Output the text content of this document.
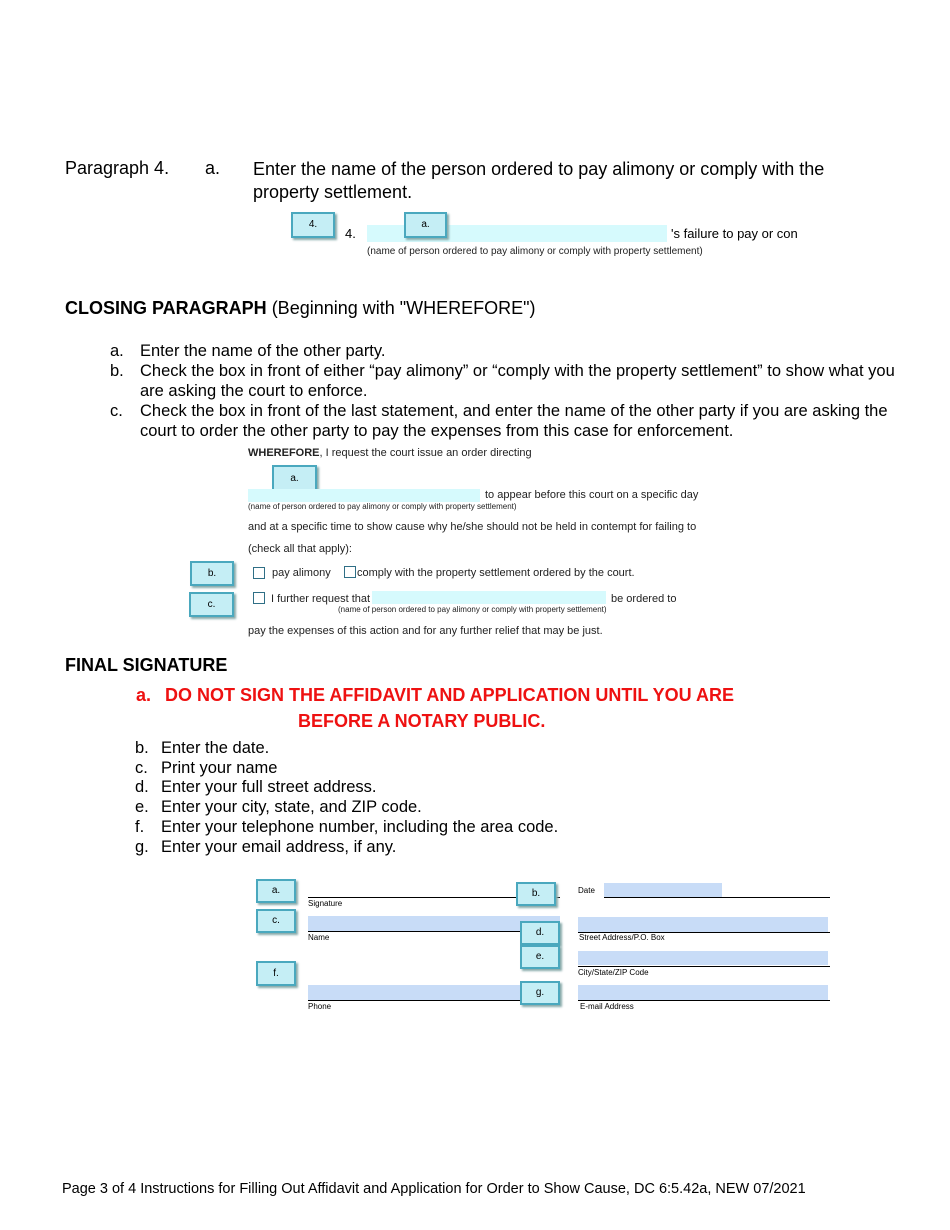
Paragraph 4. a. Enter the name of the person ordered to pay alimony or comply with the property settlement.
4.
4.
a.
's failure to pay or con
(name of person ordered to pay alimony or comply with property settlement)
CLOSING PARAGRAPH (Beginning with "WHEREFORE")
a. Enter the name of the other party.
b. Check the box in front of either “pay alimony” or “comply with the property settlement” to show what you are asking the court to enforce.
c. Check the box in front of the last statement, and enter the name of the other party if you are asking the court to order the other party to pay the expenses from this case for enforcement.
WHEREFORE, I request the court issue an order directing
a.
to appear before this court on a specific day
(name of person ordered to pay alimony or comply with property settlement)
and at a specific time to show cause why he/she should not be held in contempt for failing to
(check all that apply):
b.	pay alimony comply with the property settlement ordered by the court.
c.	I further request that	be ordered to
(name of person ordered to pay alimony or comply with property settlement)
pay the expenses of this action and for any further relief that may be just.
FINAL SIGNATURE
a. DO NOT SIGN THE AFFIDAVIT AND APPLICATION UNTIL YOU ARE
BEFORE A NOTARY PUBLIC.
b. Enter the date.
c. Print your name
d. Enter your full street address.
e. Enter your city, state, and ZIP code.
f. Enter your telephone number, including the area code.
g. Enter your email address, if any.
Signature
Name
Phone
Date
Street Address/P.O. Box
City/State/ZIP Code
E-mail Address
a.
c.
f.
b.
d.
e.
g.
Page 3 of 4 Instructions for Filling Out Affidavit and Application for Order to Show Cause, DC 6:5.42a, NEW 07/2021
